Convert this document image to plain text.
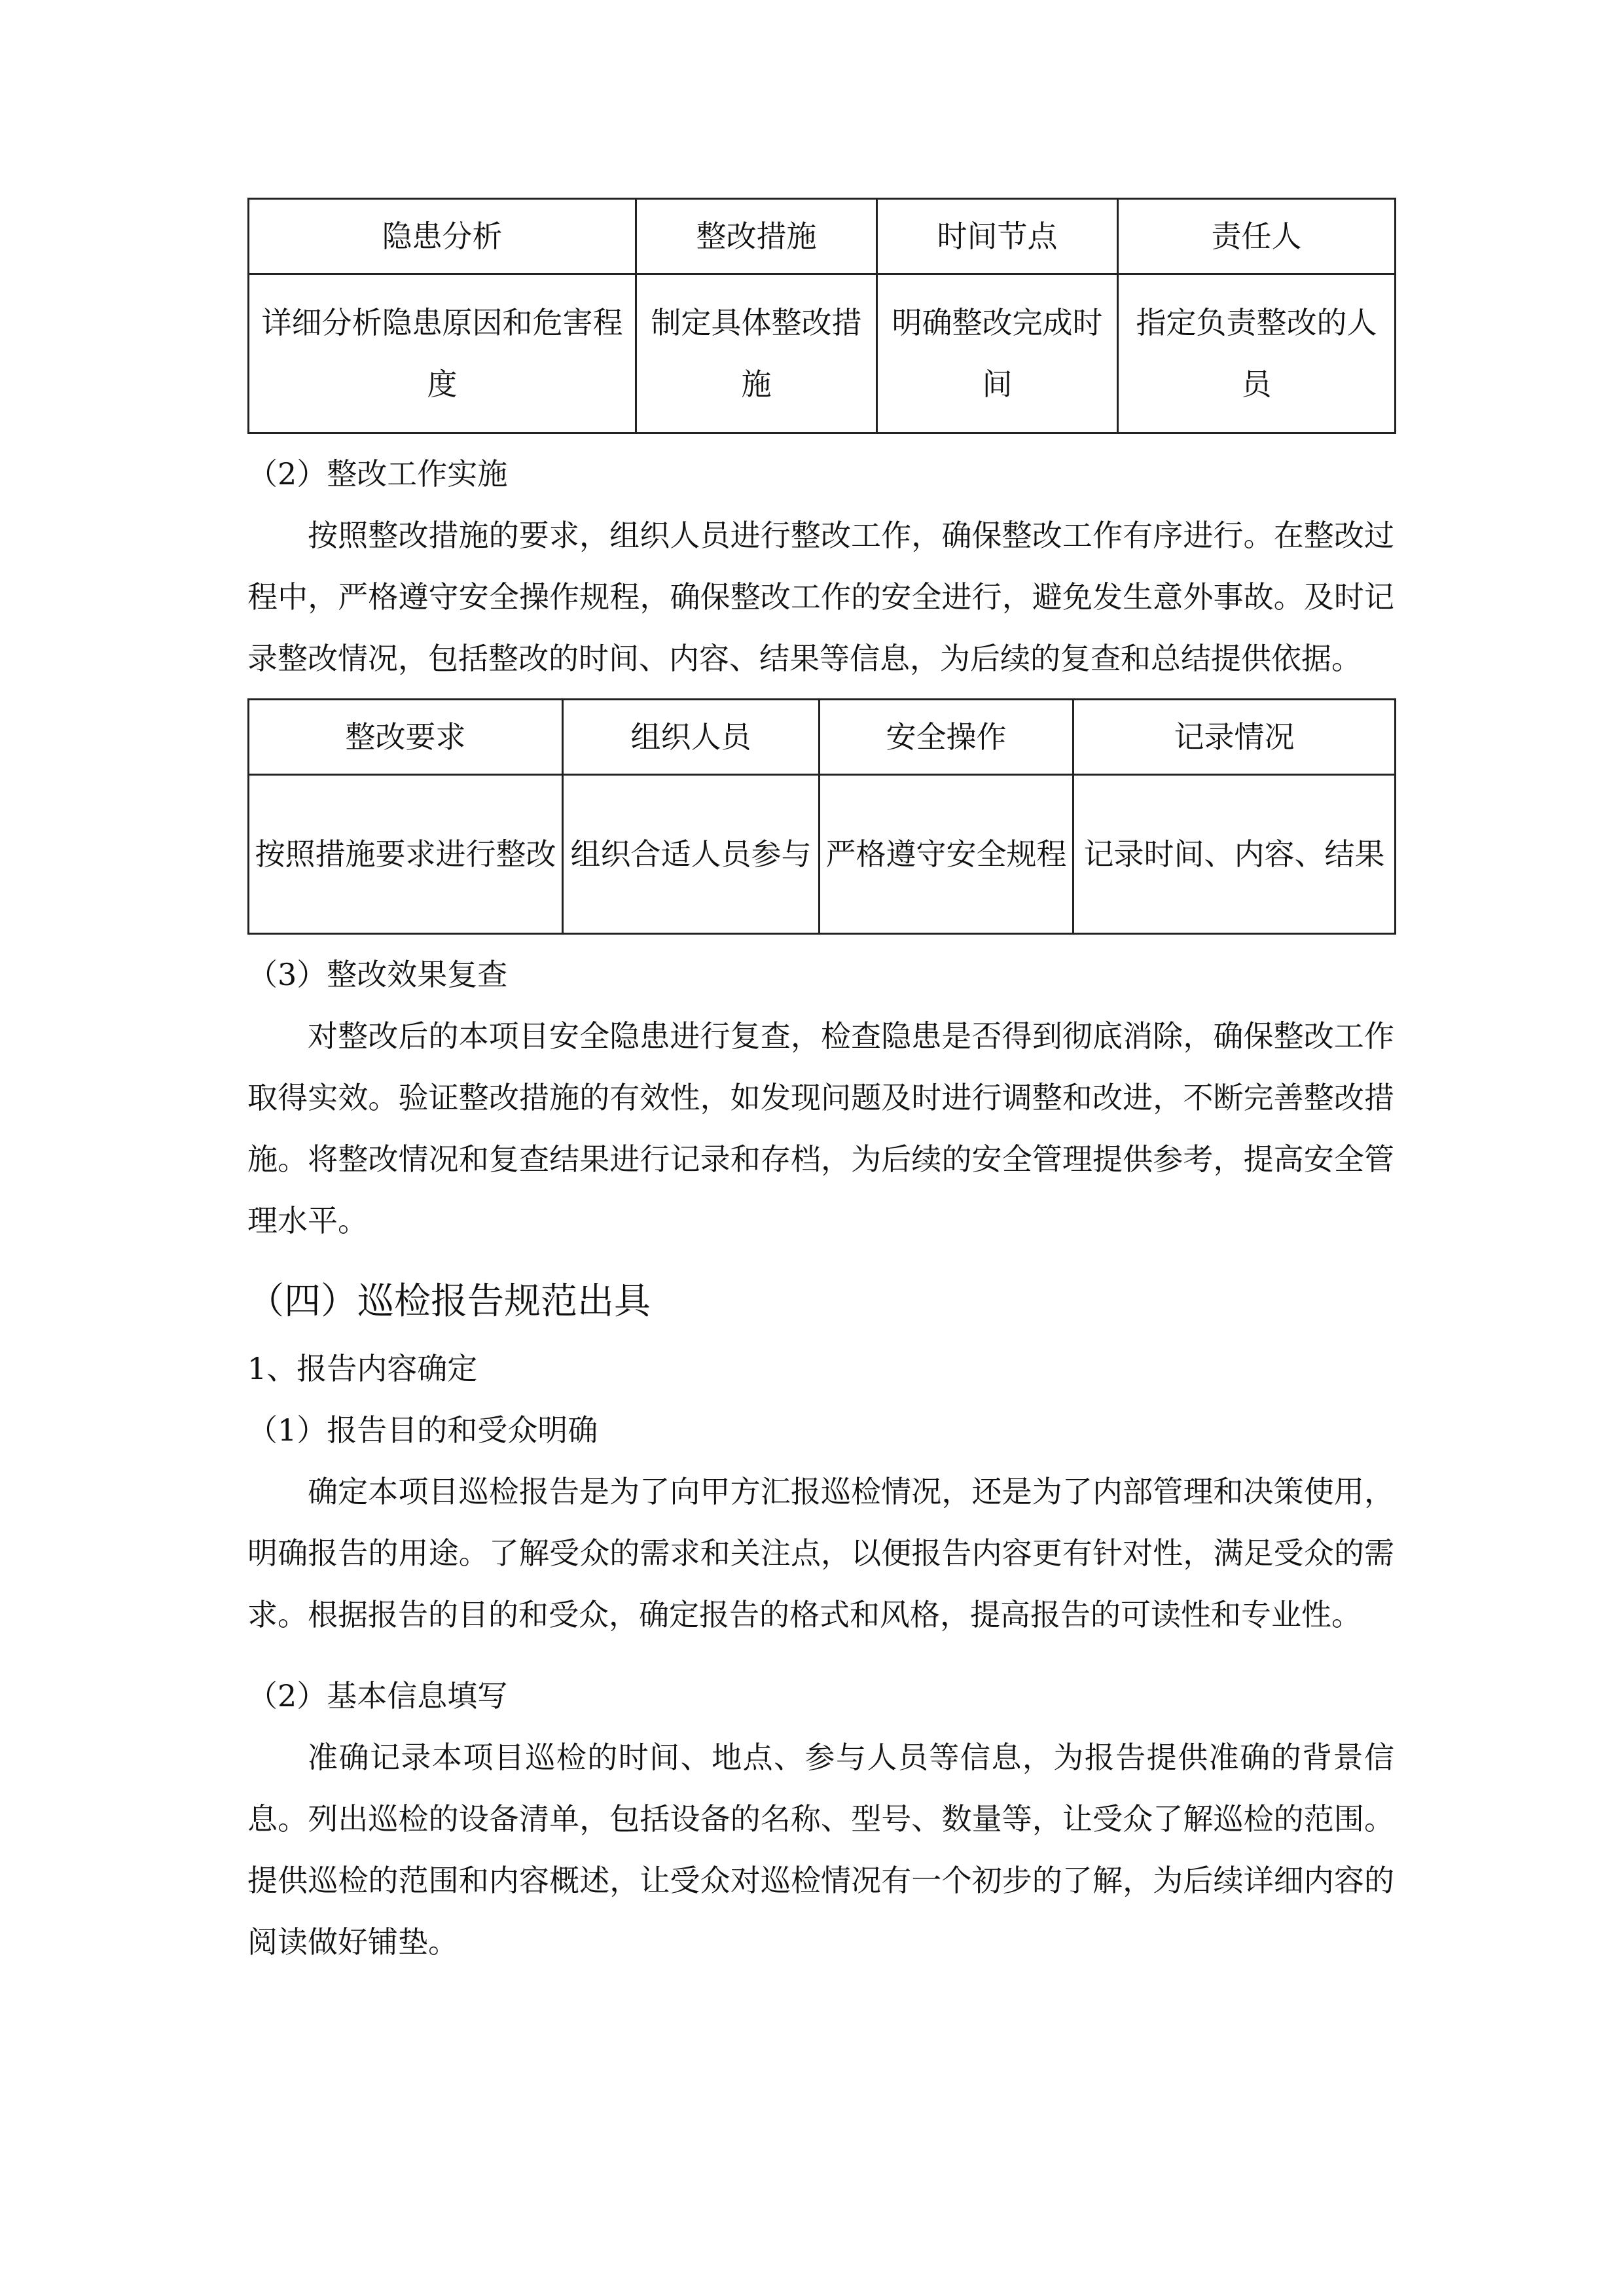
隐患分析	整改措施	时间节点	责任人
详细分析隐患原因和危害程度	制定具体整改措施	明确整改完成时间	指定负责整改的人员

（2）整改工作实施

按照整改措施的要求，组织人员进行整改工作，确保整改工作有序进行。在整改过程中，严格遵守安全操作规程，确保整改工作的安全进行，避免发生意外事故。及时记录整改情况，包括整改的时间、内容、结果等信息，为后续的复查和总结提供依据。

整改要求	组织人员	安全操作	记录情况
按照措施要求进行整改	组织合适人员参与	严格遵守安全规程	记录时间、内容、结果

（3）整改效果复查

对整改后的本项目安全隐患进行复查，检查隐患是否得到彻底消除，确保整改工作取得实效。验证整改措施的有效性，如发现问题及时进行调整和改进，不断完善整改措施。将整改情况和复查结果进行记录和存档，为后续的安全管理提供参考，提高安全管理水平。

（四）巡检报告规范出具

1、报告内容确定

（1）报告目的和受众明确

确定本项目巡检报告是为了向甲方汇报巡检情况，还是为了内部管理和决策使用，明确报告的用途。了解受众的需求和关注点，以便报告内容更有针对性，满足受众的需求。根据报告的目的和受众，确定报告的格式和风格，提高报告的可读性和专业性。

（2）基本信息填写

准确记录本项目巡检的时间、地点、参与人员等信息，为报告提供准确的背景信息。列出巡检的设备清单，包括设备的名称、型号、数量等，让受众了解巡检的范围。提供巡检的范围和内容概述，让受众对巡检情况有一个初步的了解，为后续详细内容的阅读做好铺垫。
